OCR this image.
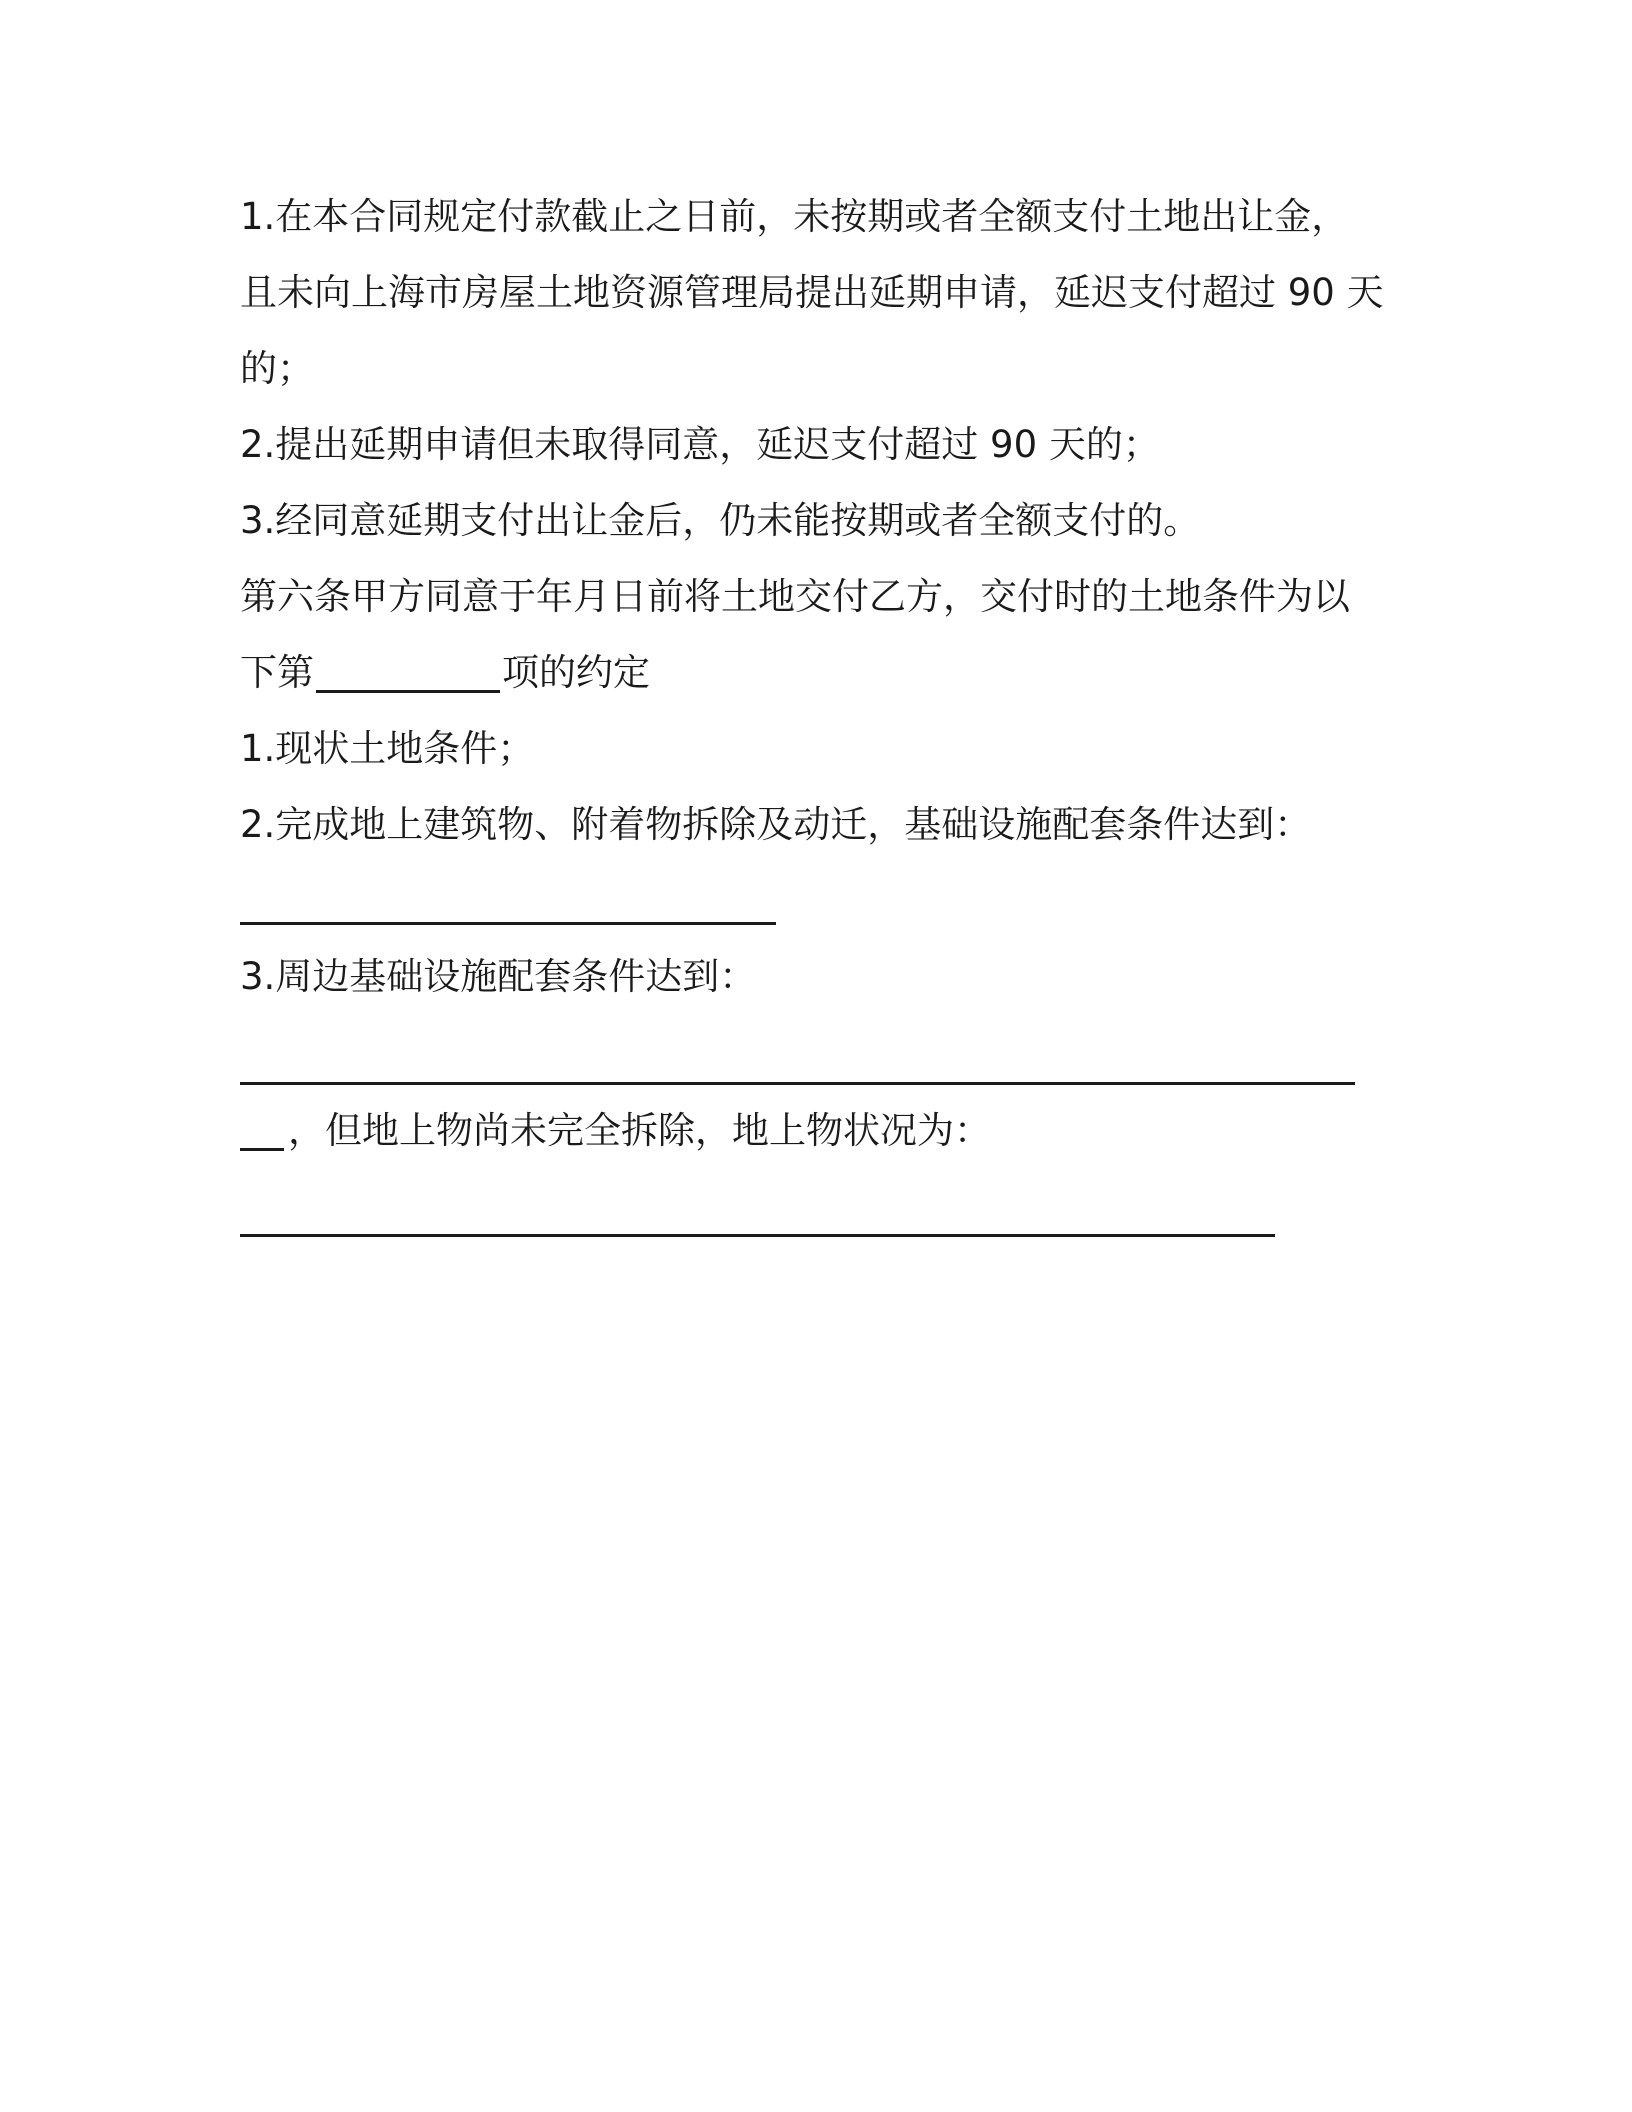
1.在本合同规定付款截止之日前，未按期或者全额支付土地出让金，
且未向上海市房屋土地资源管理局提出延期申请，延迟支付超过 90 天
的；
2.提出延期申请但未取得同意，延迟支付超过 90 天的；
3.经同意延期支付出让金后，仍未能按期或者全额支付的。
第六条甲方同意于年月日前将土地交付乙方，交付时的土地条件为以
下第	项的约定
1.现状土地条件；
2.完成地上建筑物、附着物拆除及动迁，基础设施配套条件达到：
3.周边基础设施配套条件达到：
，但地上物尚未完全拆除，地上物状况为：
